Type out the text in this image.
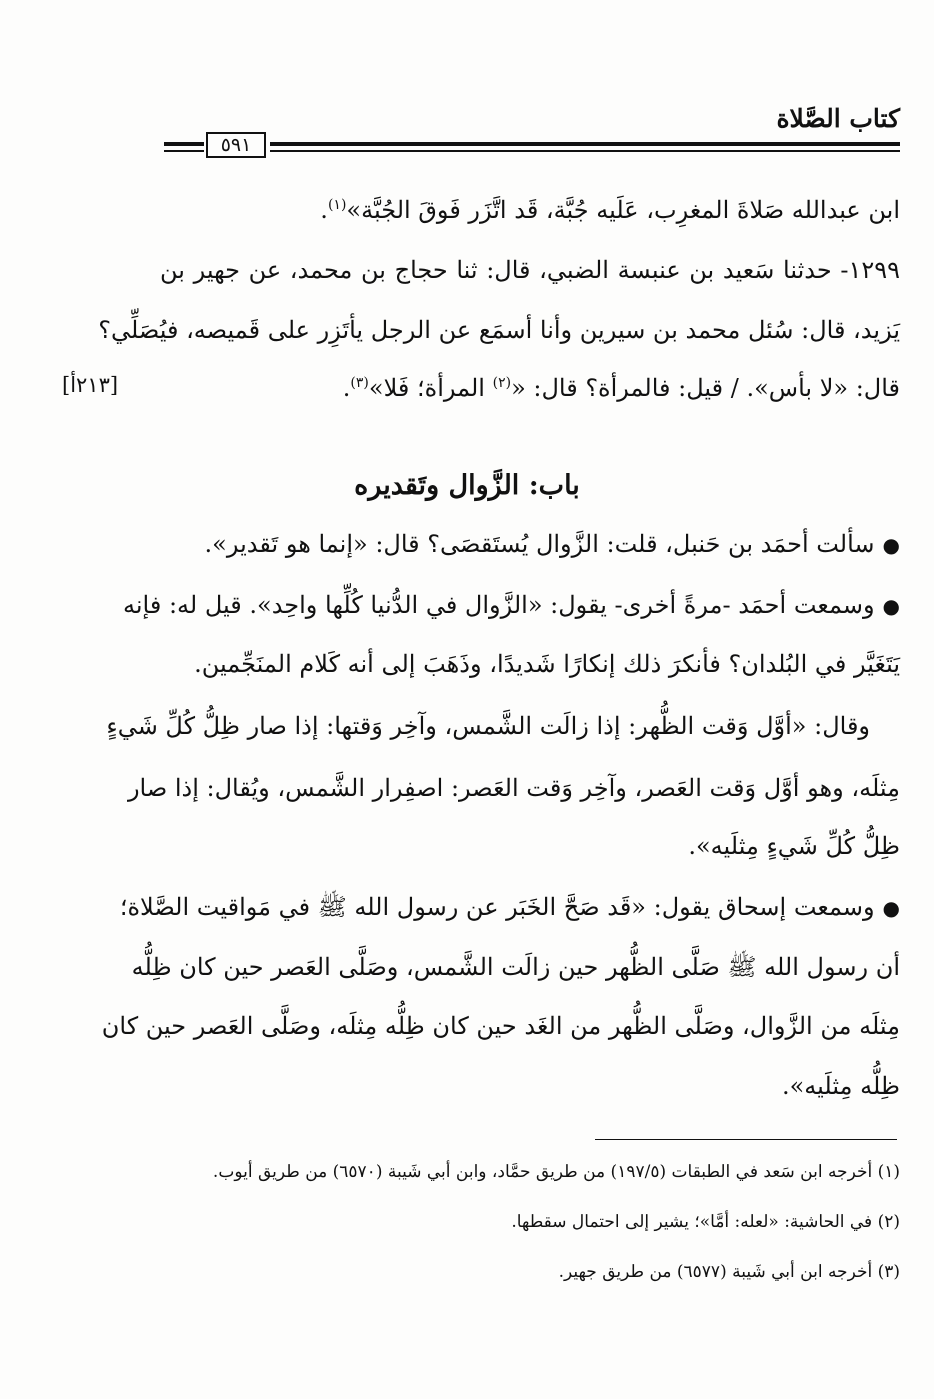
كتاب الصَّلاة
٥٩١
ابن عبدالله صَلاةَ المغرِب، عَلَيه جُبَّة، قَد اتَّزَر فَوقَ الجُبَّة»$^{(١)}$.
١٢٩٩- حدثنا سَعيد بن عنبسة الضبي، قال: ثنا حجاج بن محمد، عن جهير بن
يَزيد، قال: سُئل محمد بن سيرين وأنا أسمَع عن الرجل يأتَزِر على قَميصه، فيُصَلِّي؟
قال: «لا بأس». / قيل: فالمرأة؟ قال: «$^{(٢)}$ المرأة؛ فَلا»$^{(٣)}$.
[٢١٣أ]
باب: الزَّوال وتَقديره
●سألت أحمَد بن حَنبل، قلت: الزَّوال يُستَقصَى؟ قال: «إنما هو تَقدير».
●وسمعت أحمَد -مرةً أخرى- يقول: «الزَّوال في الدُّنيا كُلِّها واحِد». قيل له: فإنه
يَتَغَيَّر في البُلدان؟ فأنكرَ ذلك إنكارًا شَديدًا، وذَهَبَ إلى أنه كَلام المنَجِّمين.
وقال: «أوَّل وَقت الظُّهر: إذا زالَت الشَّمس، وآخِر وَقتها: إذا صار ظِلُّ كُلِّ شَيءٍ
مِثلَه، وهو أوَّل وَقت العَصر، وآخِر وَقت العَصر: اصفِرار الشَّمس، ويُقال: إذا صار
ظِلُّ كُلِّ شَيءٍ مِثلَيه».
●وسمعت إسحاق يقول: «قَد صَحَّ الخَبَر عن رسول الله ﷺ في مَواقيت الصَّلاة؛
أن رسول الله ﷺ صَلَّى الظُّهر حين زالَت الشَّمس، وصَلَّى العَصر حين كان ظِلُّه
مِثلَه من الزَّوال، وصَلَّى الظُّهر من الغَد حين كان ظِلُّه مِثلَه، وصَلَّى العَصر حين كان
ظِلُّه مِثلَيه».
(١) أخرجه ابن سَعد في الطبقات (١٩٧/٥) من طريق حمَّاد، وابن أبي شَيبة (٦٥٧٠) من طريق أيوب.
(٢) في الحاشية: «لعله: أمَّا»؛ يشير إلى احتمال سقطها.
(٣) أخرجه ابن أبي شَيبة (٦٥٧٧) من طريق جهير.
